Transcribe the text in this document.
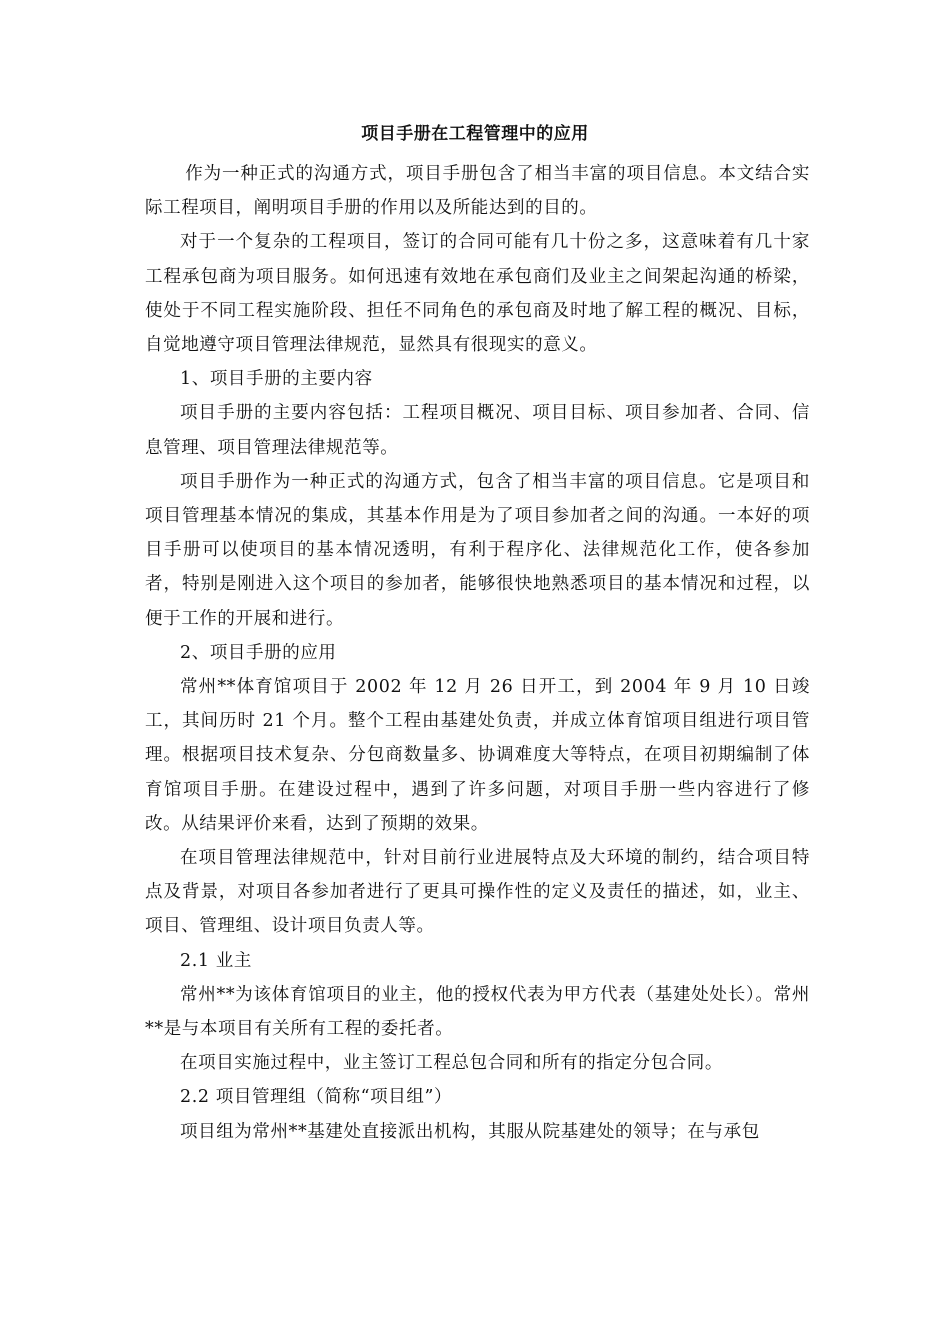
项目手册在工程管理中的应用

作为一种正式的沟通方式，项目手册包含了相当丰富的项目信息。本文结合实际工程项目，阐明项目手册的作用以及所能达到的目的。

对于一个复杂的工程项目，签订的合同可能有几十份之多，这意味着有几十家工程承包商为项目服务。如何迅速有效地在承包商们及业主之间架起沟通的桥梁，使处于不同工程实施阶段、担任不同角色的承包商及时地了解工程的概况、目标，自觉地遵守项目管理法律规范，显然具有很现实的意义。

1、项目手册的主要内容

项目手册的主要内容包括：工程项目概况、项目目标、项目参加者、合同、信息管理、项目管理法律规范等。

项目手册作为一种正式的沟通方式，包含了相当丰富的项目信息。它是项目和项目管理基本情况的集成，其基本作用是为了项目参加者之间的沟通。一本好的项目手册可以使项目的基本情况透明，有利于程序化、法律规范化工作，使各参加者，特别是刚进入这个项目的参加者，能够很快地熟悉项目的基本情况和过程，以便于工作的开展和进行。

2、项目手册的应用

常州**体育馆项目于 2002 年 12 月 26 日开工，到 2004 年 9 月 10 日竣工，其间历时 21 个月。整个工程由基建处负责，并成立体育馆项目组进行项目管理。根据项目技术复杂、分包商数量多、协调难度大等特点，在项目初期编制了体育馆项目手册。在建设过程中，遇到了许多问题，对项目手册一些内容进行了修改。从结果评价来看，达到了预期的效果。

在项目管理法律规范中，针对目前行业进展特点及大环境的制约，结合项目特点及背景，对项目各参加者进行了更具可操作性的定义及责任的描述，如，业主、项目、管理组、设计项目负责人等。

2.1 业主

常州**为该体育馆项目的业主，他的授权代表为甲方代表（基建处处长）。常州**是与本项目有关所有工程的委托者。

在项目实施过程中，业主签订工程总包合同和所有的指定分包合同。

2.2 项目管理组（简称“项目组”）

项目组为常州**基建处直接派出机构，其服从院基建处的领导；在与承包
